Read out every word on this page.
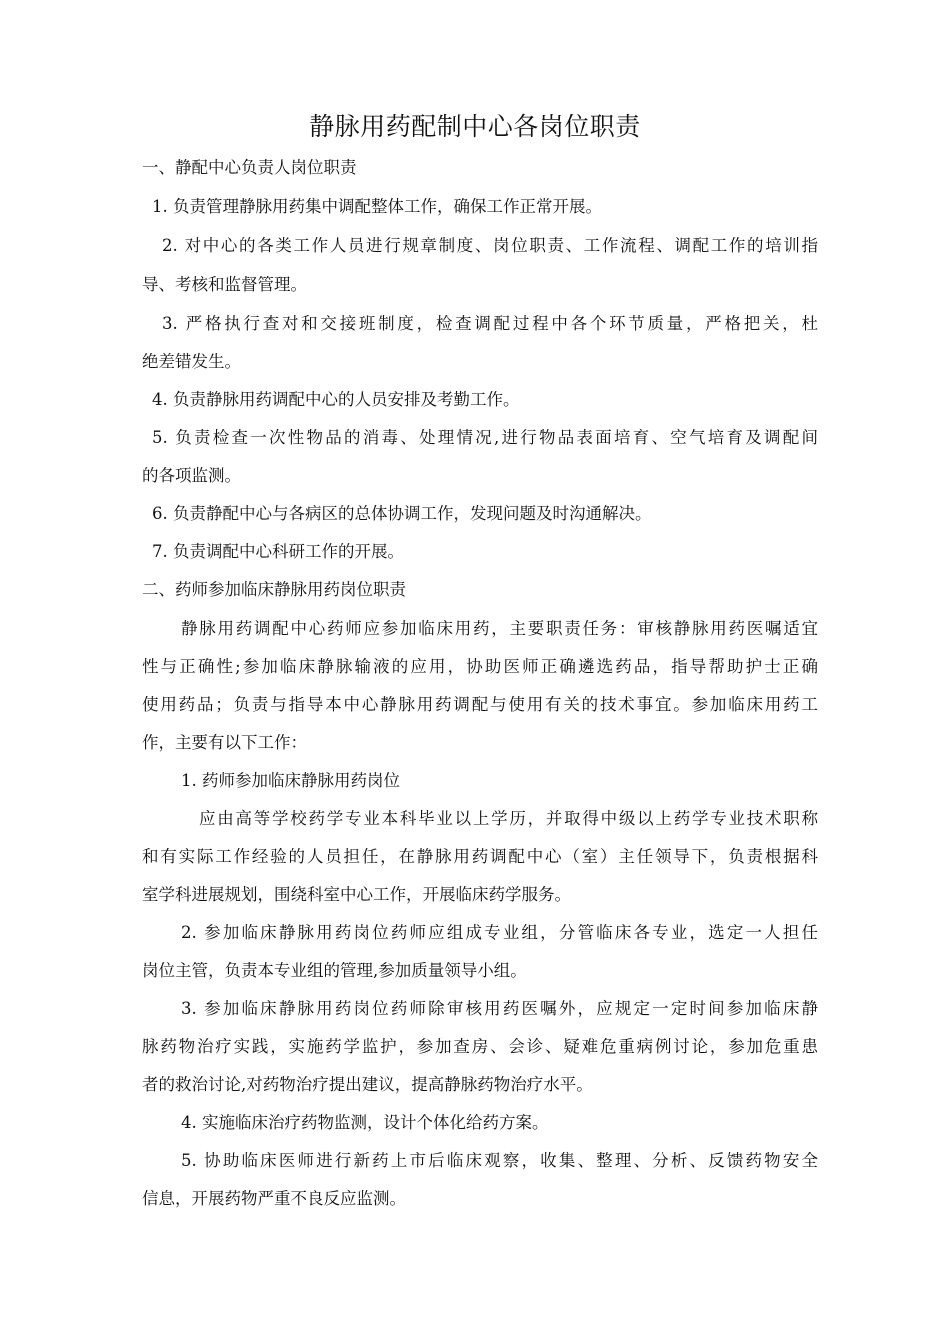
静脉用药配制中心各岗位职责
一、静配中心负责人岗位职责
1. 负责管理静脉用药集中调配整体工作，确保工作正常开展。
2. 对中心的各类工作人员进行规章制度、岗位职责、工作流程、调配工作的培训指
导、考核和监督管理。
3. 严格执行查对和交接班制度，检查调配过程中各个环节质量，严格把关，杜
绝差错发生。
4. 负责静脉用药调配中心的人员安排及考勤工作。
5. 负责检查一次性物品的消毒、处理情况,进行物品表面培育、空气培育及调配间
的各项监测。
6. 负责静配中心与各病区的总体协调工作，发现问题及时沟通解决。
7. 负责调配中心科研工作的开展。
二、药师参加临床静脉用药岗位职责
静脉用药调配中心药师应参加临床用药，主要职责任务：审核静脉用药医嘱适宜
性与正确性;参加临床静脉输液的应用，协助医师正确遴选药品，指导帮助护士正确
使用药品；负责与指导本中心静脉用药调配与使用有关的技术事宜。参加临床用药工
作，主要有以下工作：
1. 药师参加临床静脉用药岗位
应由高等学校药学专业本科毕业以上学历，并取得中级以上药学专业技术职称
和有实际工作经验的人员担任，在静脉用药调配中心（室）主任领导下，负责根据科
室学科进展规划，围绕科室中心工作，开展临床药学服务。
2. 参加临床静脉用药岗位药师应组成专业组，分管临床各专业，选定一人担任
岗位主管，负责本专业组的管理,参加质量领导小组。
3. 参加临床静脉用药岗位药师除审核用药医嘱外，应规定一定时间参加临床静
脉药物治疗实践，实施药学监护，参加查房、会诊、疑难危重病例讨论，参加危重患
者的救治讨论,对药物治疗提出建议，提高静脉药物治疗水平。
4. 实施临床治疗药物监测，设计个体化给药方案。
5. 协助临床医师进行新药上市后临床观察，收集、整理、分析、反馈药物安全
信息，开展药物严重不良反应监测。
